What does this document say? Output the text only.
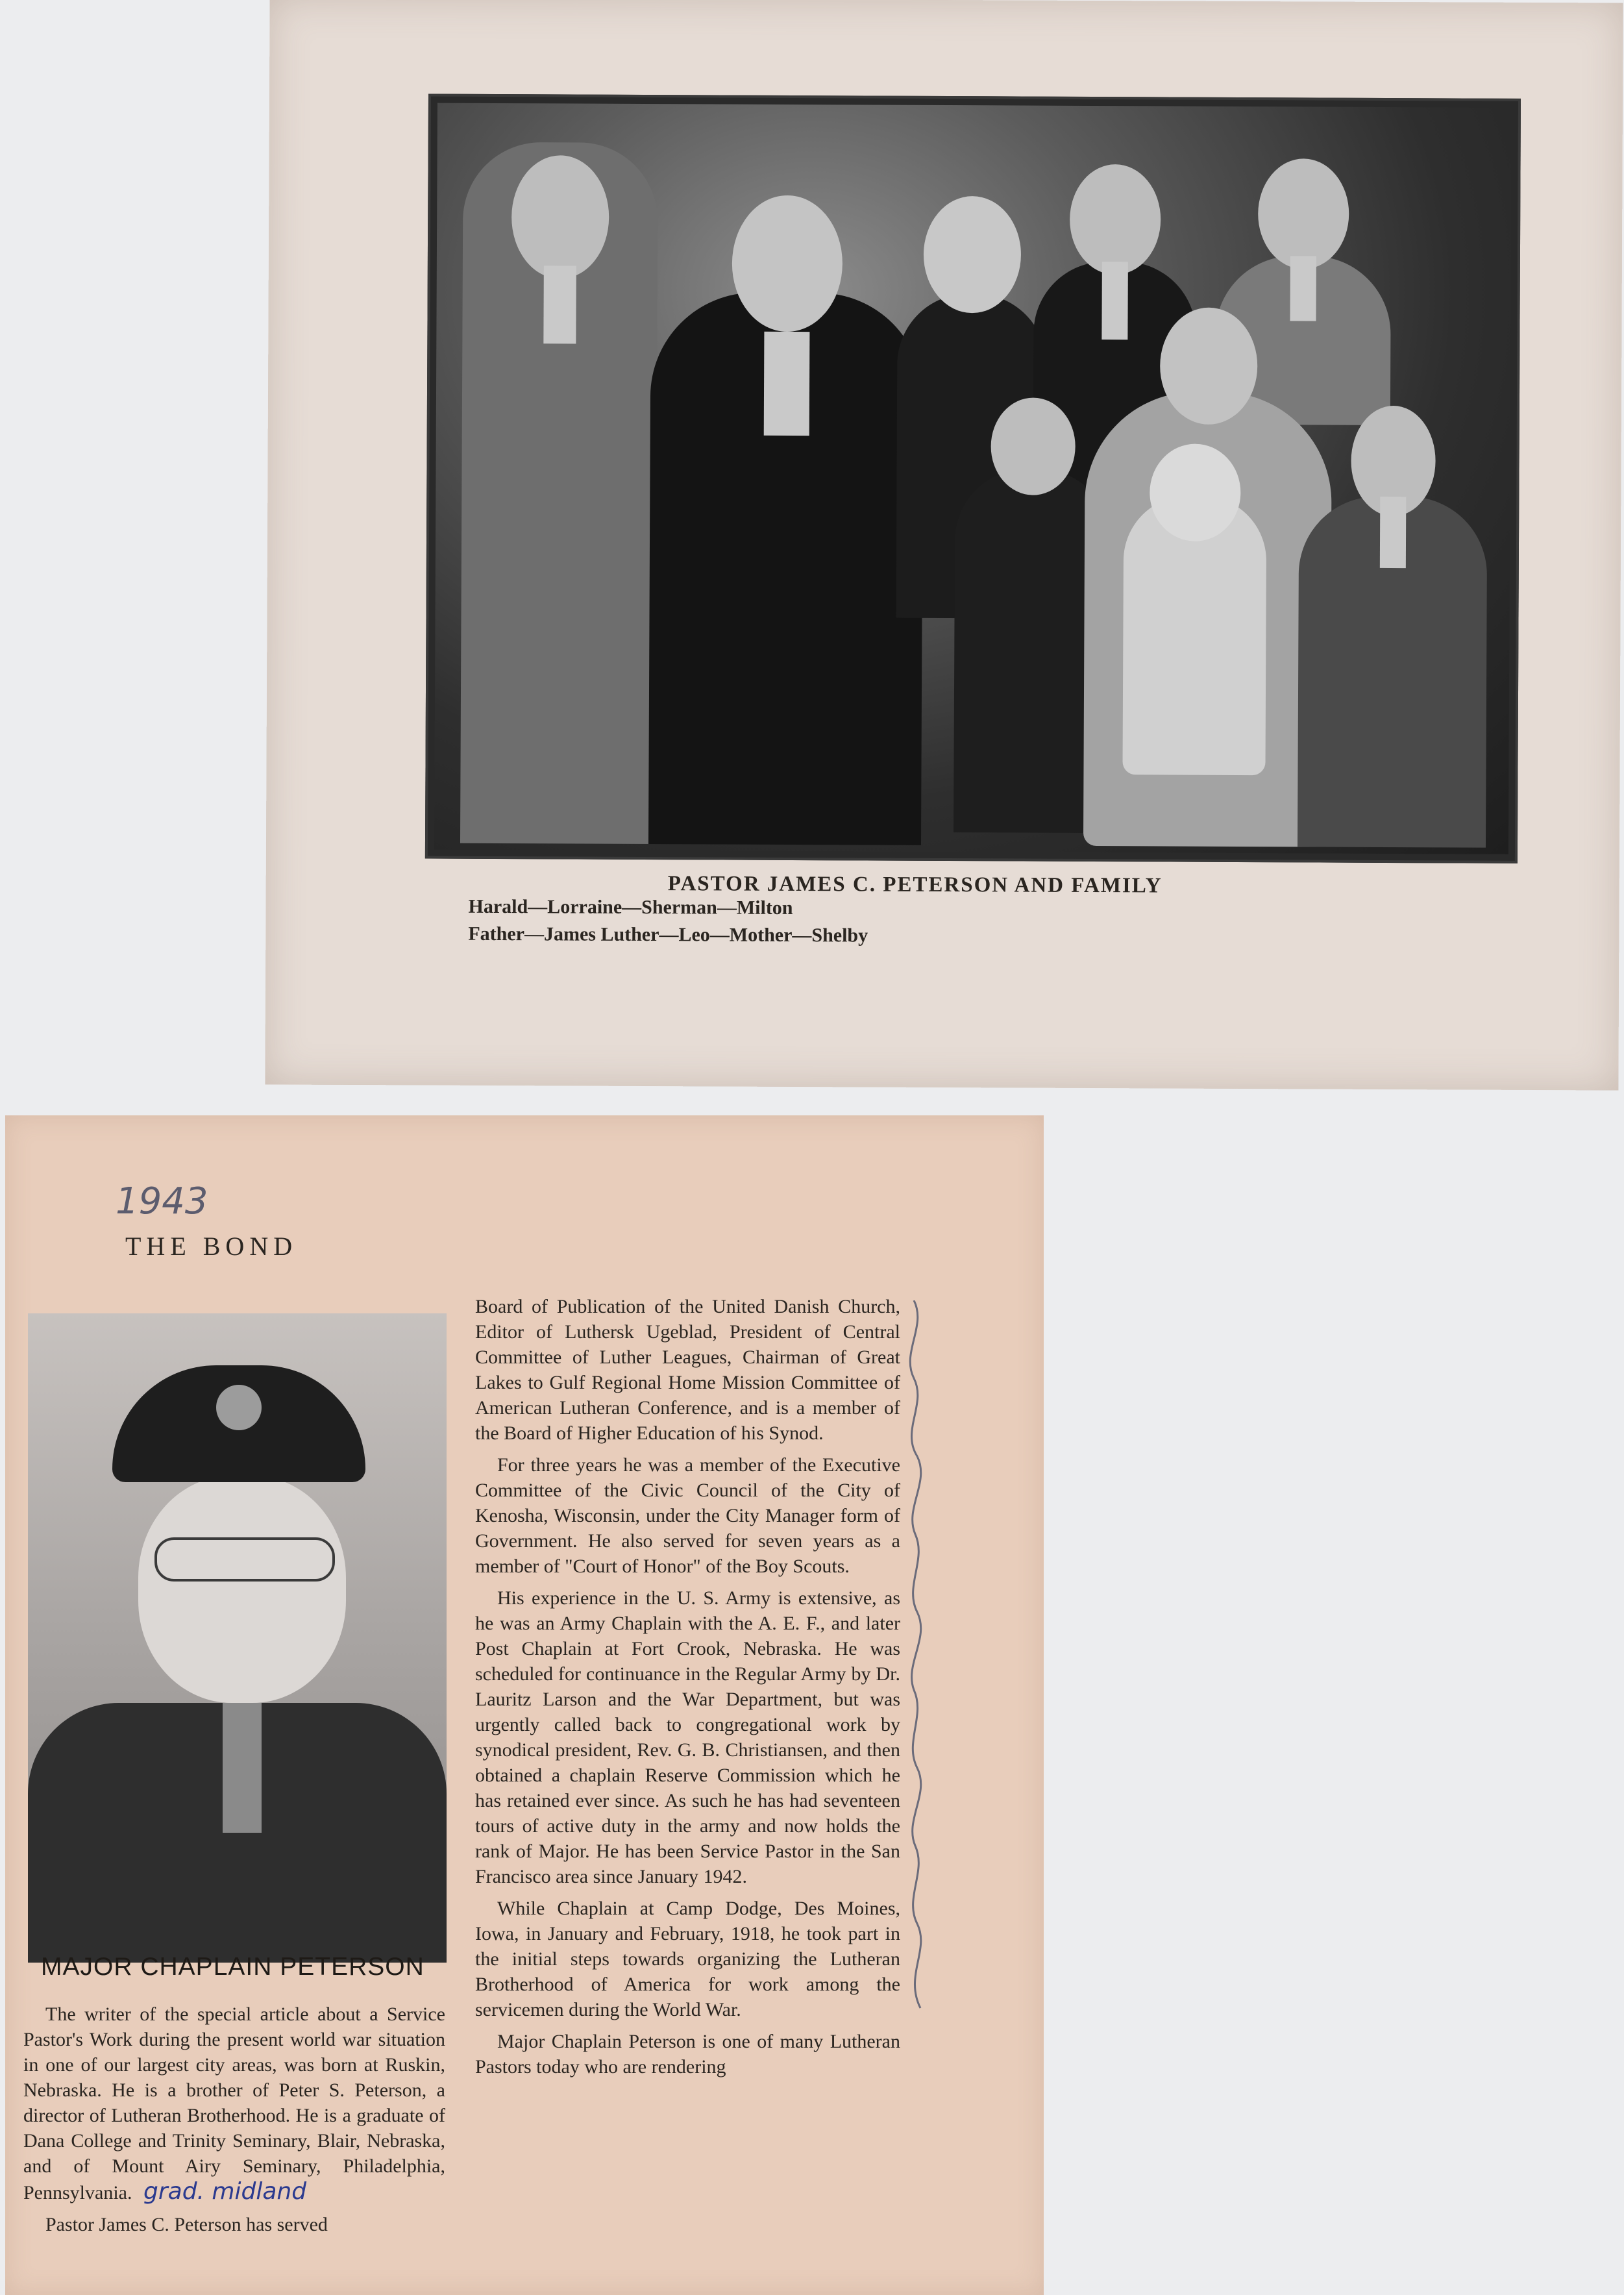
PASTOR JAMES C. PETERSON AND FAMILY
Harald—Lorraine—Sherman—Milton
Father—James Luther—Leo—Mother—Shelby
1943
THE BOND
MAJOR CHAPLAIN PETERSON

The writer of the special article about a Service Pastor's Work during the present world war situation in one of our largest city areas, was born at Ruskin, Nebraska. He is a brother of Peter S. Peterson, a director of Lutheran Brotherhood. He is a graduate of Dana College and Trinity Seminary, Blair, Nebraska, and of Mount Airy Seminary, Philadelphia, Pennsylvania. grad. midland

Pastor James C. Peterson has served

Board of Publication of the United Danish Church, Editor of Luthersk Ugeblad, President of Central Committee of Luther Leagues, Chairman of Great Lakes to Gulf Regional Home Mission Committee of American Lutheran Conference, and is a member of the Board of Higher Education of his Synod.

For three years he was a member of the Executive Committee of the Civic Council of the City of Kenosha, Wisconsin, under the City Manager form of Government. He also served for seven years as a member of "Court of Honor" of the Boy Scouts.

His experience in the U. S. Army is extensive, as he was an Army Chaplain with the A. E. F., and later Post Chaplain at Fort Crook, Nebraska. He was scheduled for continuance in the Regular Army by Dr. Lauritz Larson and the War Department, but was urgently called back to congregational work by synodical president, Rev. G. B. Christiansen, and then obtained a chaplain Reserve Commission which he has retained ever since. As such he has had seventeen tours of active duty in the army and now holds the rank of Major. He has been Service Pastor in the San Francisco area since January 1942.

While Chaplain at Camp Dodge, Des Moines, Iowa, in January and February, 1918, he took part in the initial steps towards organizing the Lutheran Brotherhood of America for work among the servicemen during the World War.

Major Chaplain Peterson is one of many Lutheran Pastors today who are rendering
